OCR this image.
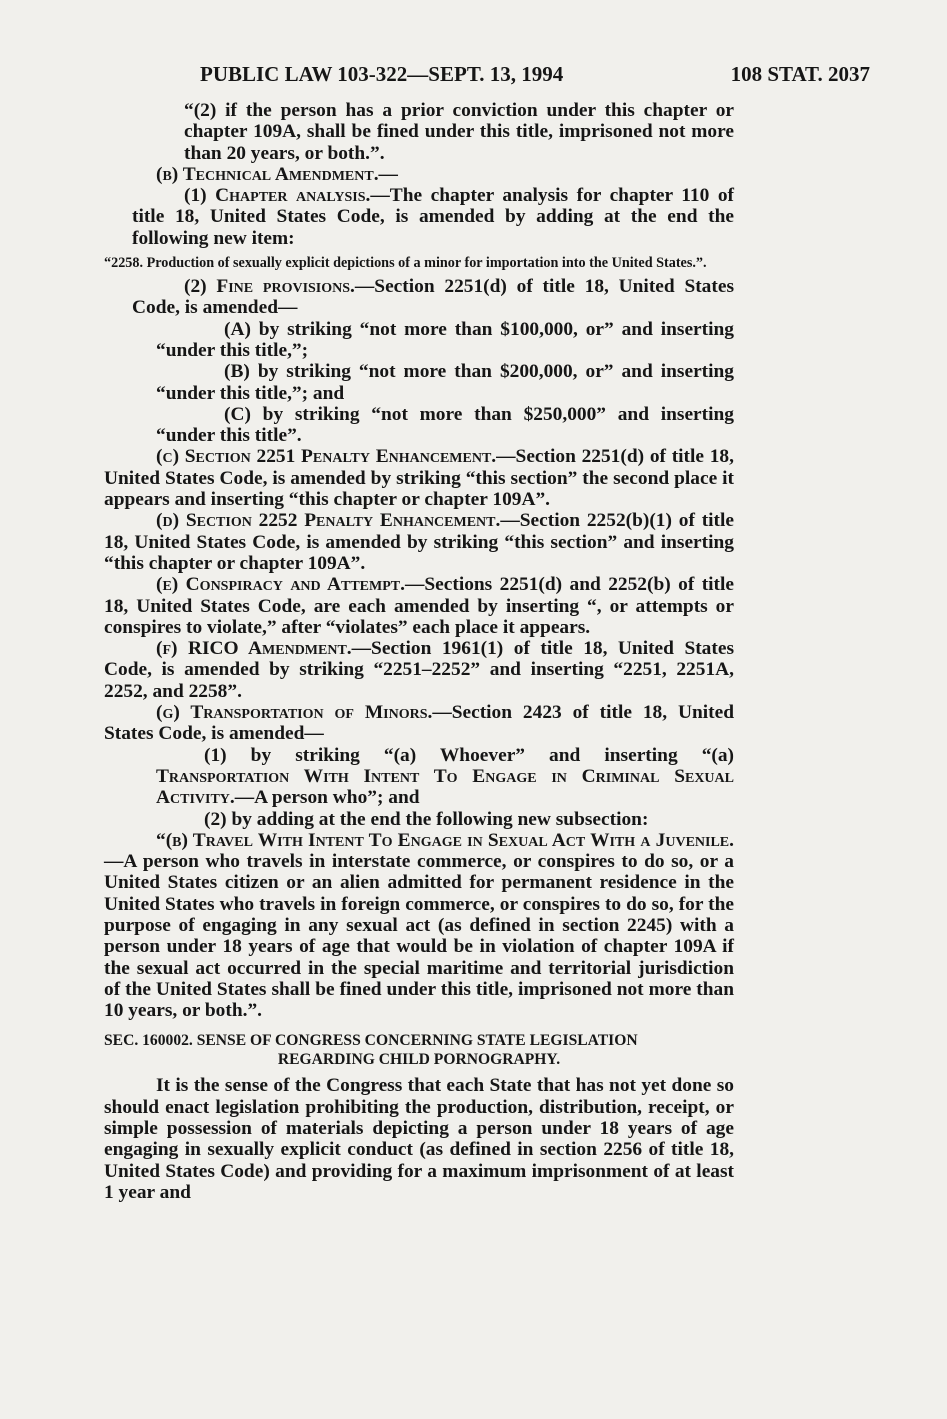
PUBLIC LAW 103-322—SEPT. 13, 1994	108 STAT. 2037

“(2) if the person has a prior conviction under this chapter or chapter 109A, shall be fined under this title, imprisoned not more than 20 years, or both.”.

(b) Technical Amendment.—

(1) Chapter analysis.—The chapter analysis for chapter 110 of title 18, United States Code, is amended by adding at the end the following new item:

“2258. Production of sexually explicit depictions of a minor for importation into the United States.”.

(2) Fine provisions.—Section 2251(d) of title 18, United States Code, is amended—

(A) by striking “not more than $100,000, or” and inserting “under this title,”;

(B) by striking “not more than $200,000, or” and inserting “under this title,”; and

(C) by striking “not more than $250,000” and inserting “under this title”.

(c) Section 2251 Penalty Enhancement.—Section 2251(d) of title 18, United States Code, is amended by striking “this section” the second place it appears and inserting “this chapter or chapter 109A”.

(d) Section 2252 Penalty Enhancement.—Section 2252(b)(1) of title 18, United States Code, is amended by striking “this section” and inserting “this chapter or chapter 109A”.

(e) Conspiracy and Attempt.—Sections 2251(d) and 2252(b) of title 18, United States Code, are each amended by inserting “, or attempts or conspires to violate,” after “violates” each place it appears.

(f) RICO Amendment.—Section 1961(1) of title 18, United States Code, is amended by striking “2251–2252” and inserting “2251, 2251A, 2252, and 2258”.

(g) Transportation of Minors.—Section 2423 of title 18, United States Code, is amended—

(1) by striking “(a) Whoever” and inserting “(a) Transportation With Intent To Engage in Criminal Sexual Activity.—A person who”; and

(2) by adding at the end the following new subsection:

“(b) Travel With Intent To Engage in Sexual Act With a Juvenile.—A person who travels in interstate commerce, or conspires to do so, or a United States citizen or an alien admitted for permanent residence in the United States who travels in foreign commerce, or conspires to do so, for the purpose of engaging in any sexual act (as defined in section 2245) with a person under 18 years of age that would be in violation of chapter 109A if the sexual act occurred in the special maritime and territorial jurisdiction of the United States shall be fined under this title, imprisoned not more than 10 years, or both.”.

SEC. 160002. SENSE OF CONGRESS CONCERNING STATE LEGISLATION
REGARDING CHILD PORNOGRAPHY.

It is the sense of the Congress that each State that has not yet done so should enact legislation prohibiting the production, distribution, receipt, or simple possession of materials depicting a person under 18 years of age engaging in sexually explicit conduct (as defined in section 2256 of title 18, United States Code) and providing for a maximum imprisonment of at least 1 year and
